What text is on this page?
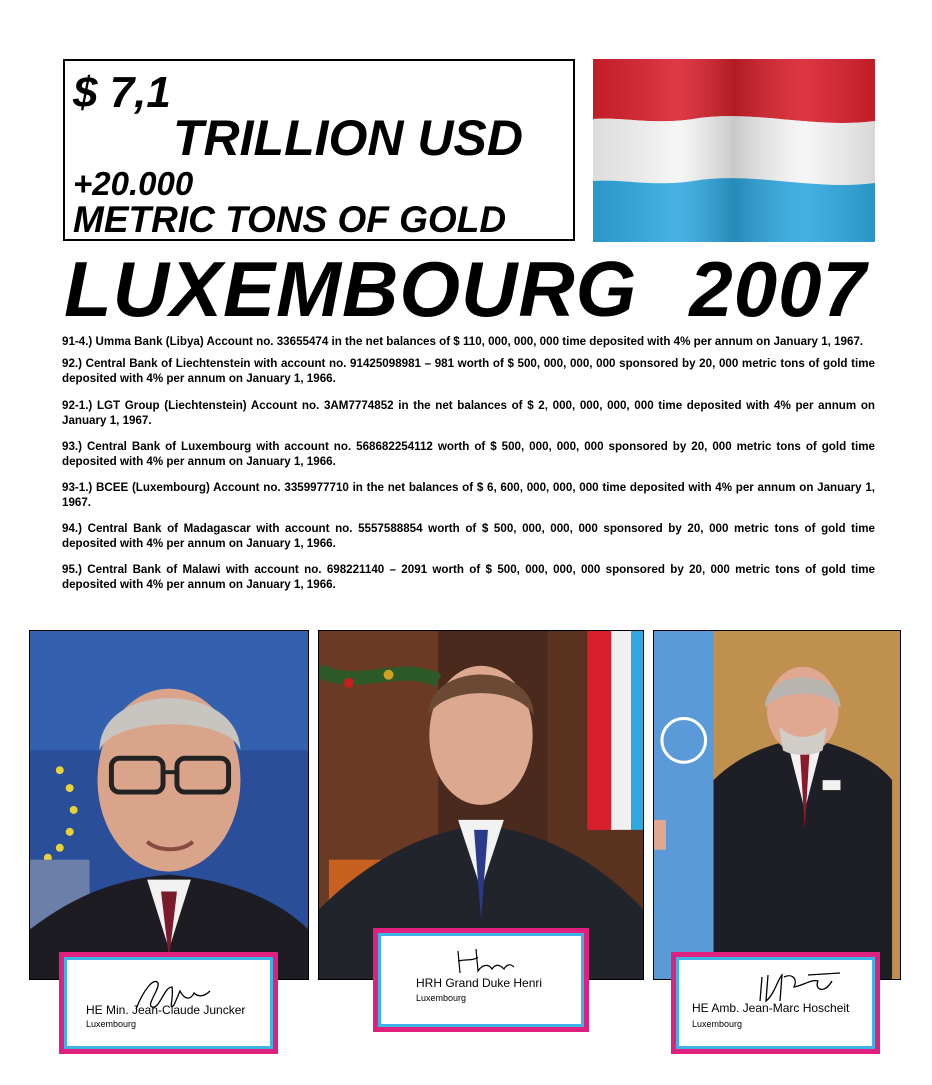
$ 7,1
TRILLION USD
+20.000
METRIC TONS OF GOLD
LUXEMBOURG 2007

91-4.) Umma Bank (Libya) Account no. 33655474 in the net balances of $ 110, 000, 000, 000 time deposited with 4% per annum on January 1, 1967.

92.) Central Bank of Liechtenstein with account no. 91425098981 – 981 worth of $ 500, 000, 000, 000 sponsored by 20, 000 metric tons of gold time deposited with 4% per annum on January 1, 1966.

92-1.) LGT Group (Liechtenstein) Account no. 3AM7774852 in the net balances of $ 2, 000, 000, 000, 000 time deposited with 4% per annum on January 1, 1967.

93.) Central Bank of Luxembourg with account no. 568682254112 worth of $ 500, 000, 000, 000 sponsored by 20, 000 metric tons of gold time deposited with 4% per annum on January 1, 1966.

93-1.) BCEE (Luxembourg) Account no. 3359977710 in the net balances of $ 6, 600, 000, 000, 000 time deposited with 4% per annum on January 1, 1967.

94.) Central Bank of Madagascar with account no. 5557588854 worth of $ 500, 000, 000, 000 sponsored by 20, 000 metric tons of gold time deposited with 4% per annum on January 1, 1966.

95.) Central Bank of Malawi with account no. 698221140 – 2091 worth of $ 500, 000, 000, 000 sponsored by 20, 000 metric tons of gold time deposited with 4% per annum on January 1, 1966.

HE Min. Jean-Claude Juncker
Luxembourg
HRH Grand Duke Henri
Luxembourg
HE Amb. Jean-Marc Hoscheit
Luxembourg
